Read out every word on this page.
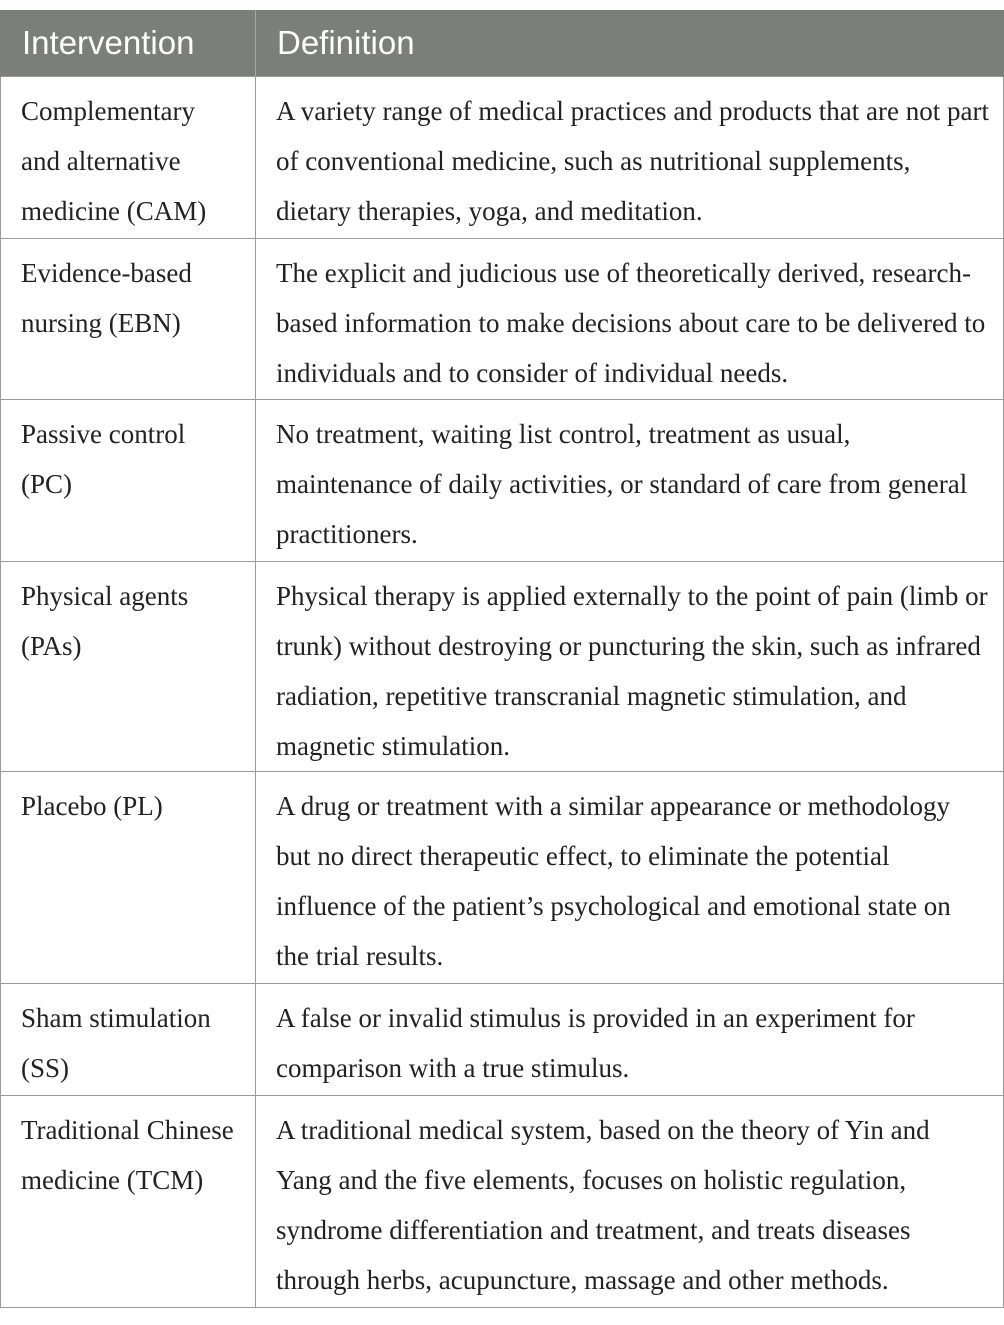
Intervention	Definition
Complementary and alternative medicine (CAM)	A variety range of medical practices and products that are not part of conventional medicine, such as nutritional supplements, dietary therapies, yoga, and meditation.
Evidence-based nursing (EBN)	The explicit and judicious use of theoretically derived, research-based information to make decisions about care to be delivered to individuals and to consider of individual needs.
Passive control (PC)	No treatment, waiting list control, treatment as usual, maintenance of daily activities, or standard of care from general practitioners.
Physical agents (PAs)	Physical therapy is applied externally to the point of pain (limb or trunk) without destroying or puncturing the skin, such as infrared radiation, repetitive transcranial magnetic stimulation, and magnetic stimulation.
Placebo (PL)	A drug or treatment with a similar appearance or methodology but no direct therapeutic effect, to eliminate the potential influence of the patient’s psychological and emotional state on the trial results.
Sham stimulation (SS)	A false or invalid stimulus is provided in an experiment for comparison with a true stimulus.
Traditional Chinese medicine (TCM)	A traditional medical system, based on the theory of Yin and Yang and the five elements, focuses on holistic regulation, syndrome differentiation and treatment, and treats diseases through herbs, acupuncture, massage and other methods.
